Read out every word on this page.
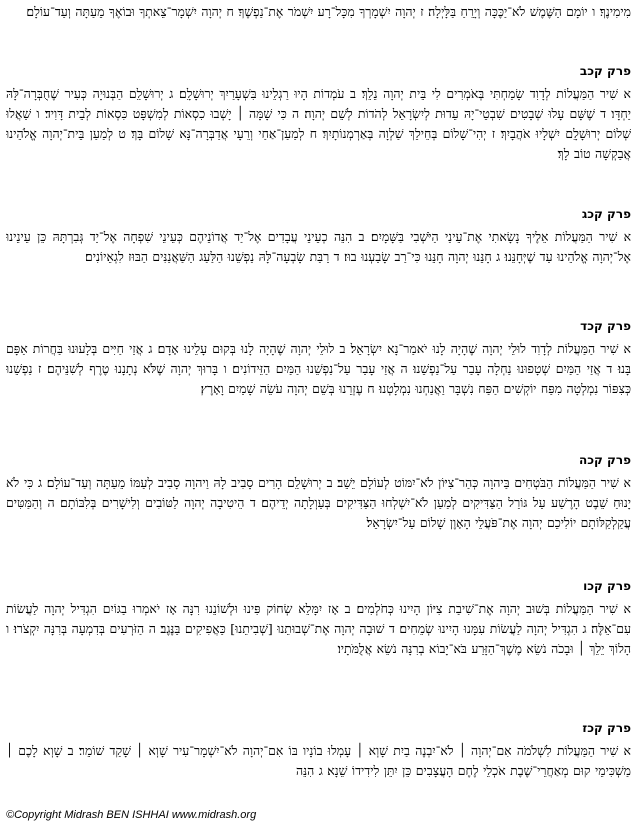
מִימִינֶךָ׃ ו יוֹמָם הַשֶּׁמֶשׁ לֹא־יַכֶּכָּה וְיָרֵחַ בַּלָּיְלָה׃ ז יְהוָה יִשְׁמָרְךָ מִכָּל־רָע יִשְׁמֹר אֶת־נַפְשֶׁךָ׃ ח יְהוָה יִשְׁמָר־צֵאתְךָ וּבוֹאֶךָ מֵעַתָּה וְעַד־עוֹלָם׃

פרק קכב

א שִׁיר הַמַּעֲלוֹת לְדָוִד שָׂמַחְתִּי בְּאֹמְרִים לִי בֵּית יְהוָה נֵלֵךְ׃ ב עֹמְדוֹת הָיוּ רַגְלֵינוּ בִּשְׁעָרַיִךְ יְרוּשָׁלִָם׃ ג יְרוּשָׁלִַם הַבְּנוּיָה כְּעִיר שֶׁחֻבְּרָה־לָּהּ יַחְדָּו׃ ד שֶׁשָּׁם עָלוּ שְׁבָטִים שִׁבְטֵי־יָהּ עֵדוּת לְיִשְׂרָאֵל לְהֹדוֹת לְשֵׁם יְהוָה׃ ה כִּי שָׁמָּה ׀ יָשְׁבוּ כִסְאוֹת לְמִשְׁפָּט כִּסְאוֹת לְבֵית דָּוִיד׃ ו שַׁאֲלוּ שְׁלוֹם יְרוּשָׁלִָם יִשְׁלָיוּ אֹהֲבָיִךְ׃ ז יְהִי־שָׁלוֹם בְּחֵילֵךְ שַׁלְוָה בְּאַרְמְנוֹתָיִךְ׃ ח לְמַעַן־אַחַי וְרֵעָי אֲדַבְּרָה־נָּא שָׁלוֹם בָּךְ׃ ט לְמַעַן בֵּית־יְהוָה אֱלֹהֵינוּ אֲבַקְשָׁה טוֹב לָךְ׃

פרק קכג

א שִׁיר הַמַּעֲלוֹת אֵלֶיךָ נָשָׂאתִי אֶת־עֵינַי הַיֹּשְׁבִי בַּשָּׁמָיִם׃ ב הִנֵּה כְעֵינֵי עֲבָדִים אֶל־יַד אֲדוֹנֵיהֶם כְּעֵינֵי שִׁפְחָה אֶל־יַד גְּבִרְתָּהּ כֵּן עֵינֵינוּ אֶל־יְהוָה אֱלֹהֵינוּ עַד שֶׁיְּחָנֵּנוּ׃ ג חָנֵּנוּ יְהוָה חָנֵּנוּ כִּי־רַב שָׂבַעְנוּ בוּז׃ ד רַבַּת שָׂבְעָה־לָּהּ נַפְשֵׁנוּ הַלַּעַג הַשַּׁאֲנַנִּים הַבּוּז לִגְאֵיוֹנִים׃

פרק קכד

א שִׁיר הַמַּעֲלוֹת לְדָוִד לוּלֵי יְהוָה שֶׁהָיָה לָנוּ יֹאמַר־נָא יִשְׂרָאֵל׃ ב לוּלֵי יְהוָה שֶׁהָיָה לָנוּ בְּקוּם עָלֵינוּ אָדָם׃ ג אֲזַי חַיִּים בְּלָעוּנוּ בַּחֲרוֹת אַפָּם בָּנוּ׃ ד אֲזַי הַמַּיִם שְׁטָפוּנוּ נַחְלָה עָבַר עַל־נַפְשֵׁנוּ׃ ה אֲזַי עָבַר עַל־נַפְשֵׁנוּ הַמַּיִם הַזֵּידוֹנִים׃ ו בָּרוּךְ יְהוָה שֶׁלֹּא נְתָנָנוּ טֶרֶף לְשִׁנֵּיהֶם׃ ז נַפְשֵׁנוּ כְּצִפּוֹר נִמְלְטָה מִפַּח יוֹקְשִׁים הַפַּח נִשְׁבָּר וַאֲנַחְנוּ נִמְלָטְנוּ׃ ח עֶזְרֵנוּ בְּשֵׁם יְהוָה עֹשֵׂה שָׁמַיִם וָאָרֶץ׃

פרק קכה

א שִׁיר הַמַּעֲלוֹת הַבֹּטְחִים בַּיהוָה כְּהַר־צִיּוֹן לֹא־יִמּוֹט לְעוֹלָם יֵשֵׁב׃ ב יְרוּשָׁלִַם הָרִים סָבִיב לָהּ וַיהוָה סָבִיב לְעַמּוֹ מֵעַתָּה וְעַד־עוֹלָם׃ ג כִּי לֹא יָנוּחַ שֵׁבֶט הָרֶשַׁע עַל גּוֹרַל הַצַּדִּיקִים לְמַעַן לֹא־יִשְׁלְחוּ הַצַּדִּיקִים בְּעַוְלָתָה יְדֵיהֶם׃ ד הֵיטִיבָה יְהוָה לַטּוֹבִים וְלִישָׁרִים בְּלִבּוֹתָם׃ ה וְהַמַּטִּים עֲקַלְקַלּוֹתָם יוֹלִיכֵם יְהוָה אֶת־פֹּעֲלֵי הָאָוֶן שָׁלוֹם עַל־יִשְׂרָאֵל׃

פרק קכו

א שִׁיר הַמַּעֲלוֹת בְּשׁוּב יְהוָה אֶת־שִׁיבַת צִיּוֹן הָיִינוּ כְּחֹלְמִים׃ ב אָז יִמָּלֵא שְׂחוֹק פִּינוּ וּלְשׁוֹנֵנוּ רִנָּה אָז יֹאמְרוּ בַגּוֹיִם הִגְדִּיל יְהוָה לַעֲשׂוֹת עִם־אֵלֶּה׃ ג הִגְדִּיל יְהוָה לַעֲשׂוֹת עִמָּנוּ הָיִינוּ שְׂמֵחִים׃ ד שׁוּבָה יְהוָה אֶת־שְׁבוּתֵנוּ [שְׁבִיתֵנוּ] כַּאֲפִיקִים בַּנֶּגֶב׃ ה הַזֹּרְעִים בְּדִמְעָה בְּרִנָּה יִקְצֹרוּ׃ ו הָלוֹךְ יֵלֵךְ ׀ וּבָכֹה נֹשֵׂא מֶשֶׁךְ־הַזָּרַע בֹּא־יָבוֹא בְרִנָּה נֹשֵׂא אֲלֻמֹּתָיו׃

פרק קכז

א שִׁיר הַמַּעֲלוֹת לִשְׁלֹמֹה אִם־יְהוָה ׀ לֹא־יִבְנֶה בַיִת שָׁוְא ׀ עָמְלוּ בוֹנָיו בּוֹ אִם־יְהוָה לֹא־יִשְׁמָר־עִיר שָׁוְא ׀ שָׁקַד שׁוֹמֵר׃ ב שָׁוְא לָכֶם ׀ מַשְׁכִּימֵי קוּם מְאַחֲרֵי־שֶׁבֶת אֹכְלֵי לֶחֶם הָעֲצָבִים כֵּן יִתֵּן לִידִידוֹ שֵׁנָא׃ ג הִנֵּה

©Copyright Midrash BEN ISHHAI www.midrash.org
